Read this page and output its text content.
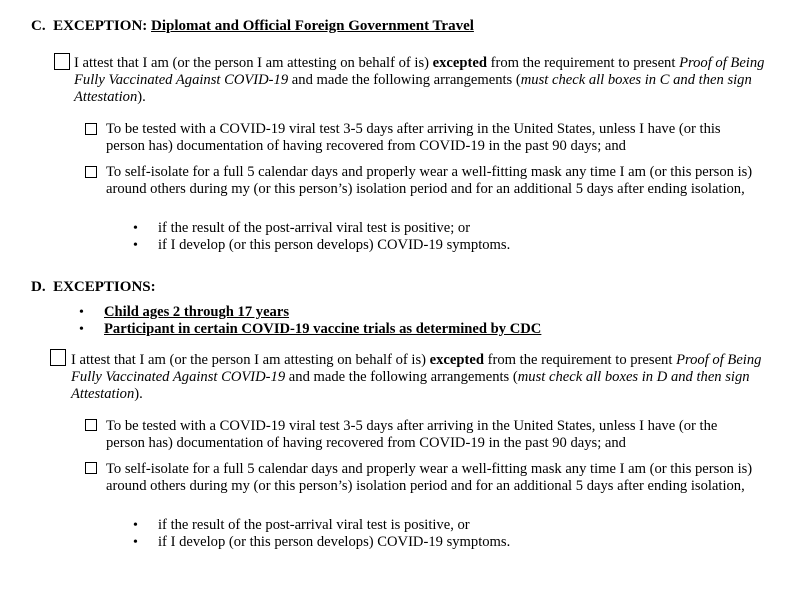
C. EXCEPTION: Diplomat and Official Foreign Government Travel

I attest that I am (or the person I am attesting on behalf of is) excepted from the requirement to present Proof of Being Fully Vaccinated Against COVID-19 and made the following arrangements (must check all boxes in C and then sign Attestation).

To be tested with a COVID-19 viral test 3-5 days after arriving in the United States, unless I have (or this person has) documentation of having recovered from COVID-19 in the past 90 days; and

To self-isolate for a full 5 calendar days and properly wear a well-fitting mask any time I am (or this person is) around others during my (or this person’s) isolation period and for an additional 5 days after ending isolation,

• if the result of the post-arrival viral test is positive; or
• if I develop (or this person develops) COVID-19 symptoms.
D. EXCEPTIONS:
• Child ages 2 through 17 years
• Participant in certain COVID-19 vaccine trials as determined by CDC

I attest that I am (or the person I am attesting on behalf of is) excepted from the requirement to present Proof of Being Fully Vaccinated Against COVID-19 and made the following arrangements (must check all boxes in D and then sign Attestation).

To be tested with a COVID-19 viral test 3-5 days after arriving in the United States, unless I have (or the person has) documentation of having recovered from COVID-19 in the past 90 days; and

To self-isolate for a full 5 calendar days and properly wear a well-fitting mask any time I am (or this person is) around others during my (or this person’s) isolation period and for an additional 5 days after ending isolation,

• if the result of the post-arrival viral test is positive, or
• if I develop (or this person develops) COVID-19 symptoms.
